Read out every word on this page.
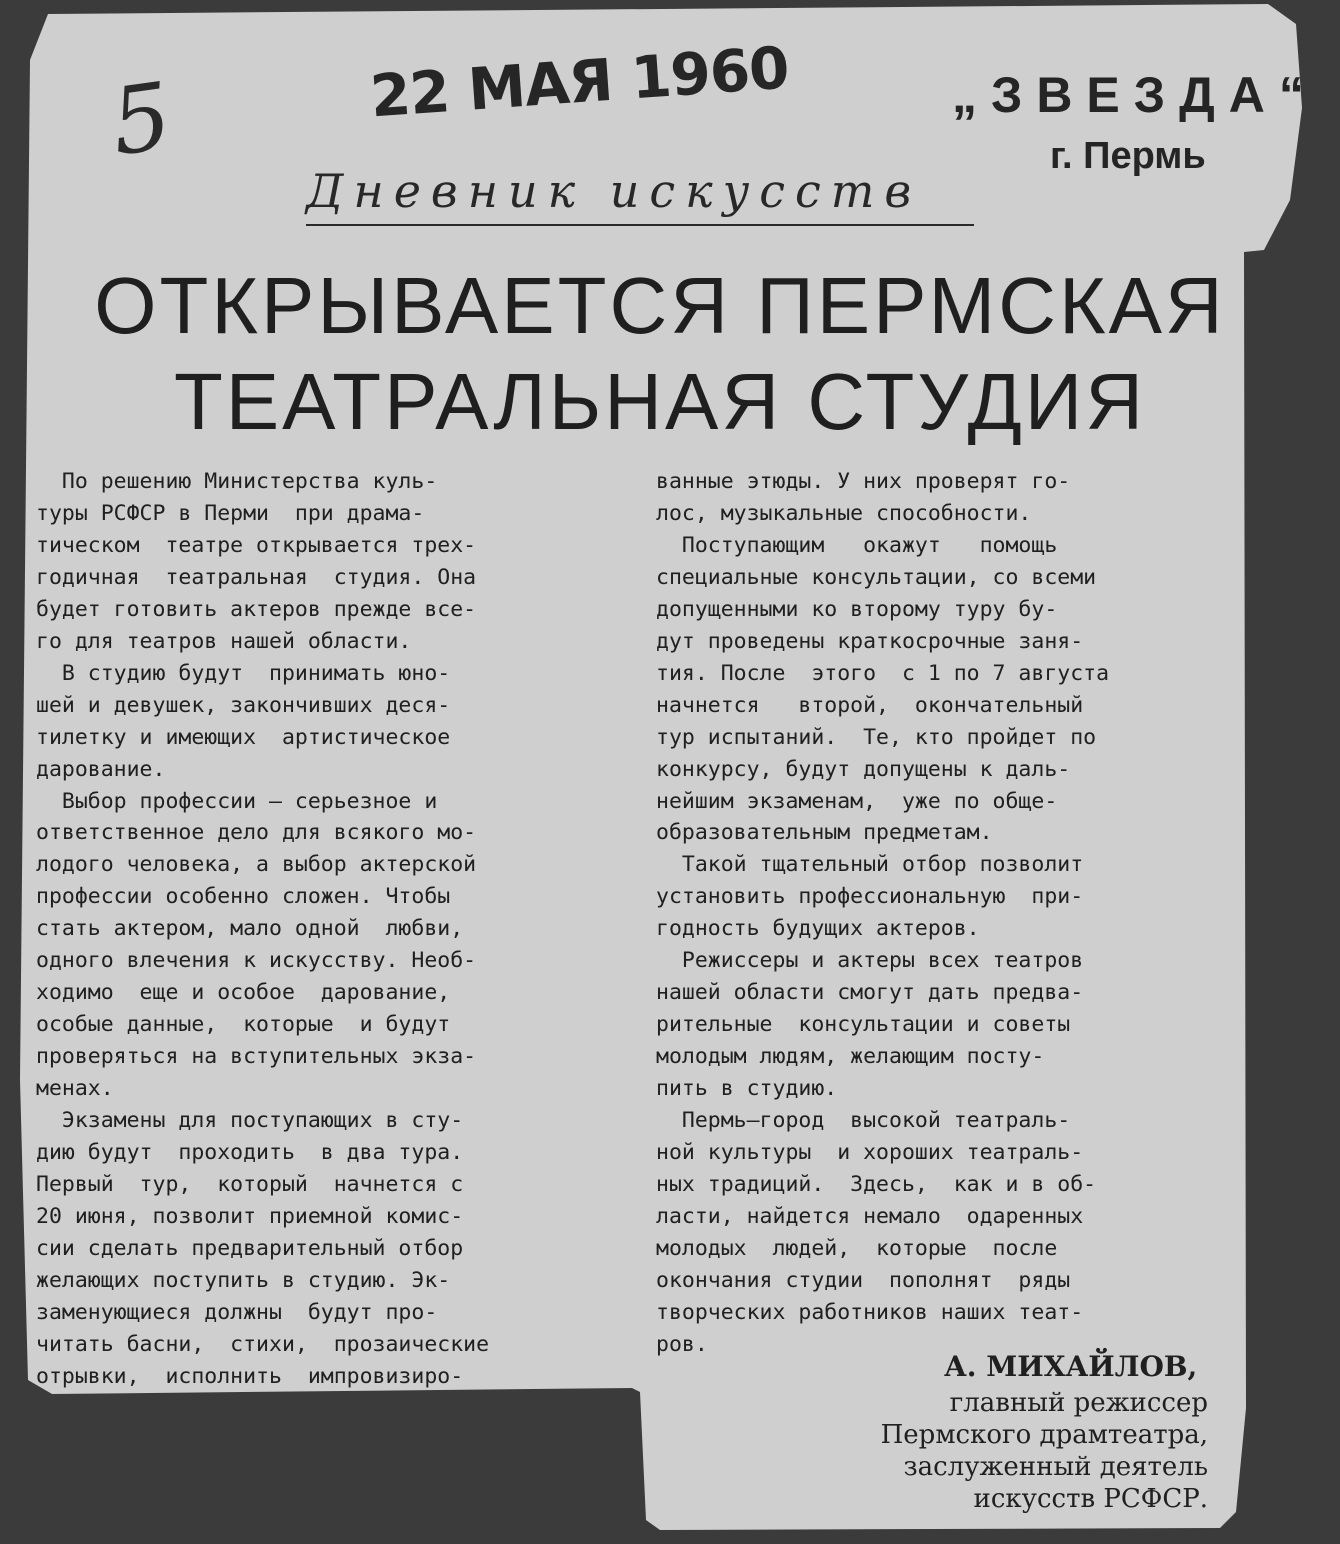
5	22 МАЯ 1960	„ЗВЕЗДА“
г. Пермь
Дневник искусств
ОТКРЫВАЕТСЯ ПЕРМСКАЯ
ТЕАТРАЛЬНАЯ СТУДИЯ
По решению Министерства куль-
туры РСФСР в Перми  при драма-
тическом  театре открывается трех-
годичная  театральная  студия. Она
будет готовить актеров прежде все-
го для театров нашей области.
В студию будут  принимать юно-
шей и девушек, закончивших деся-
тилетку и имеющих  артистическое
дарование.
Выбор профессии — серьезное и
ответственное дело для всякого мо-
лодого человека, а выбор актерской
профессии особенно сложен. Чтобы
стать актером, мало одной  любви,
одного влечения к искусству. Необ-
ходимо  еще и особое  дарование,
особые данные,  которые  и будут
проверяться на вступительных экза-
менах.
Экзамены для поступающих в сту-
дию будут  проходить  в два тура.
Первый  тур,  который  начнется с
20 июня, позволит приемной комис-
сии сделать предварительный отбор
желающих поступить в студию. Эк-
заменующиеся должны  будут про-
читать басни,  стихи,  прозаические
отрывки,  исполнить  импровизиро-
ванные этюды. У них проверят го-
лос, музыкальные способности.
Поступающим   окажут   помощь
специальные консультации, со всеми
допущенными ко второму туру бу-
дут проведены краткосрочные заня-
тия. После  этого  с 1 по 7 августа
начнется   второй,  окончательный
тур испытаний.  Те, кто пройдет по
конкурсу, будут допущены к даль-
нейшим экзаменам,  уже по обще-
образовательным предметам.
Такой тщательный отбор позволит
установить профессиональную  при-
годность будущих актеров.
Режиссеры и актеры всех театров
нашей области смогут дать предва-
рительные  консультации и советы
молодым людям, желающим посту-
пить в студию.
Пермь—город  высокой театраль-
ной культуры  и хороших театраль-
ных традиций.  Здесь,  как и в об-
ласти, найдется немало  одаренных
молодых  людей,  которые  после
окончания студии  пополнят  ряды
творческих работников наших теат-
ров.
А. МИХАЙЛОВ,
главный режиссер
Пермского драмтеатра,
заслуженный деятель
искусств РСФСР.
